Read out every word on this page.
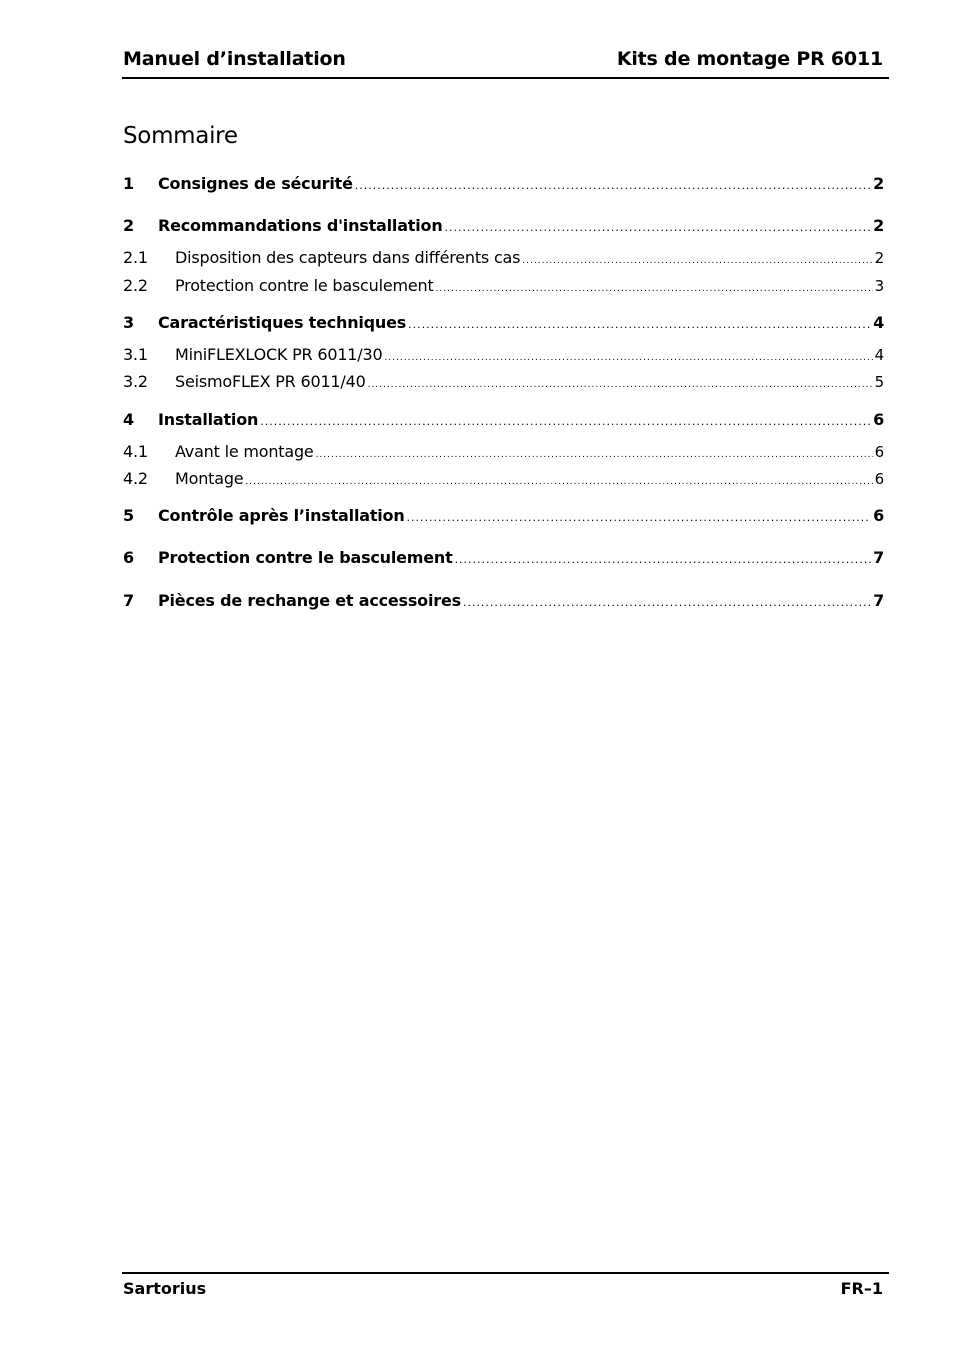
Manuel d’installation	Kits de montage PR 6011
Sommaire
1	Consignes de sécurité .....	2
2	Recommandations d'installation .....	2
2.1	Disposition des capteurs dans différents cas .....	2
2.2	Protection contre le basculement .....	3
3	Caractéristiques techniques .....	4
3.1	MiniFLEXLOCK PR 6011/30 .....	4
3.2	SeismoFLEX PR 6011/40 .....	5
4	Installation .....	6
4.1	Avant le montage .....	6
4.2	Montage .....	6
5	Contrôle après l’installation .....	6
6	Protection contre le basculement .....	7
7	Pièces de rechange et accessoires .....	7
Sartorius	FR–1
